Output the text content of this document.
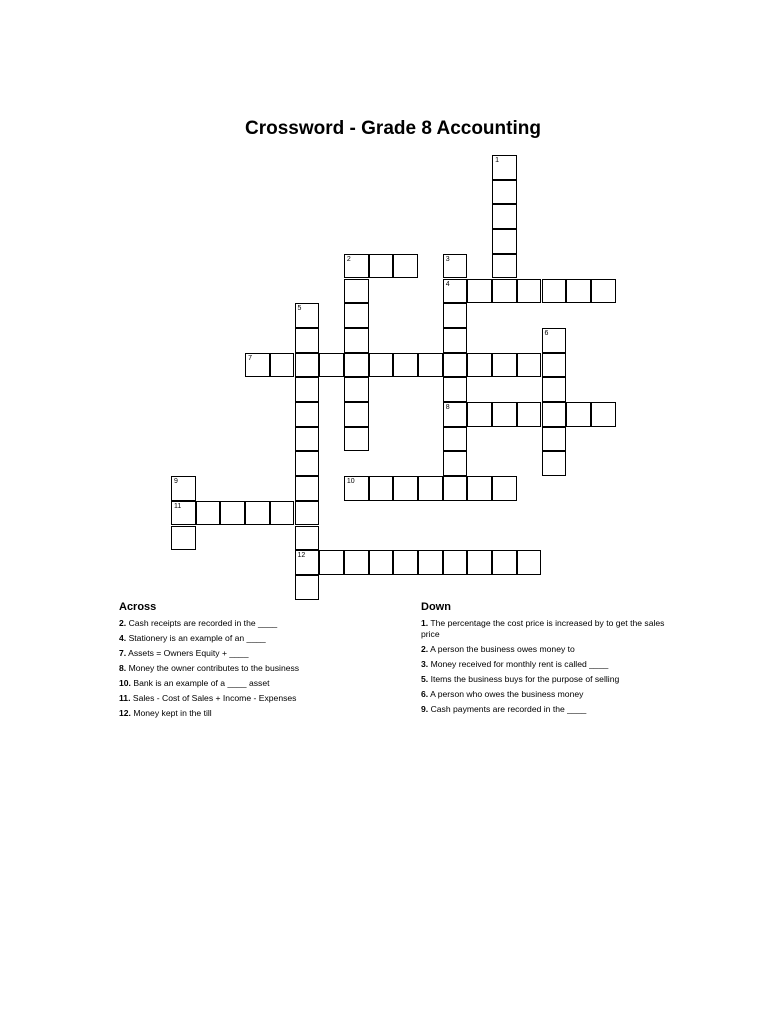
Crossword - Grade 8 Accounting
1
2	3
4
8
5
12
6
7
9
11
10
Across
2. Cash receipts are recorded in the ____
4. Stationery is an example of an ____
7. Assets = Owners Equity + ____
8. Money the owner contributes to the business
10. Bank is an example of a ____ asset
11. Sales - Cost of Sales + Income - Expenses
12. Money kept in the till
Down
1. The percentage the cost price is increased by to get the sales price
2. A person the business owes money to
3. Money received for monthly rent is called ____
5. Items the business buys for the purpose of selling
6. A person who owes the business money
9. Cash payments are recorded in the ____
